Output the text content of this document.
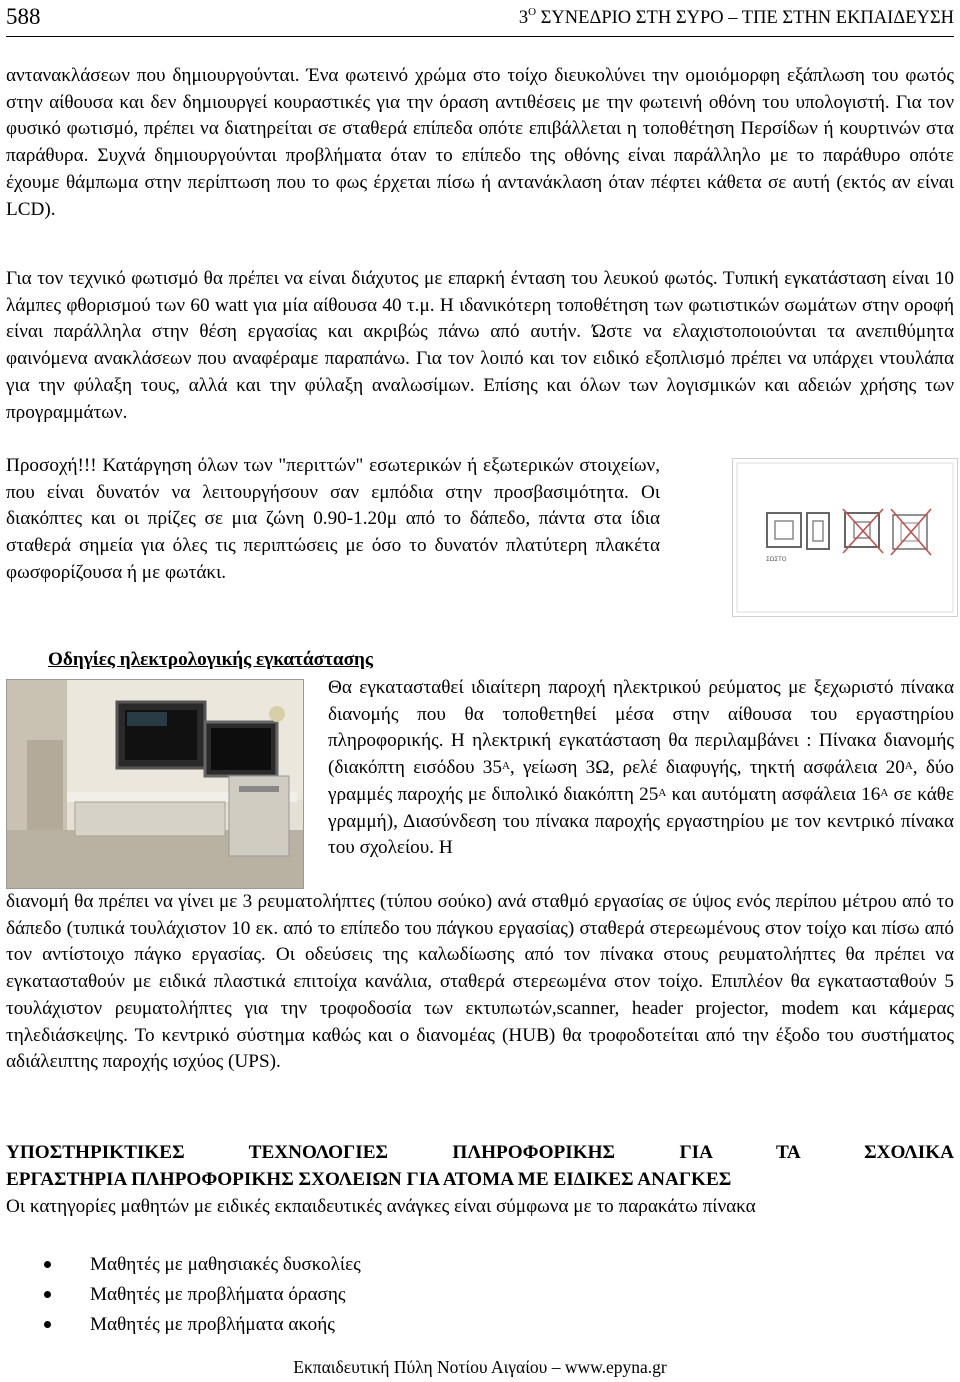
588	$3^O$ ΣΥΝΕΔΡΙΟ ΣΤΗ ΣΥΡΟ – ΤΠΕ ΣΤΗΝ ΕΚΠΑΙΔΕΥΣΗ

αντανακλάσεων που δημιουργούνται. Ένα φωτεινό χρώμα στο τοίχο διευκολύνει την ομοιόμορφη εξάπλωση του φωτός στην αίθουσα και δεν δημιουργεί κουραστικές για την όραση αντιθέσεις με την φωτεινή οθόνη του υπολογιστή. Για τον φυσικό φωτισμό, πρέπει να διατηρείται σε σταθερά επίπεδα οπότε επιβάλλεται η τοποθέτηση Περσίδων ή κουρτινών στα παράθυρα. Συχνά δημιουργούνται προβλήματα όταν το επίπεδο της οθόνης είναι παράλληλο με το παράθυρο οπότε έχουμε θάμπωμα στην περίπτωση που το φως έρχεται πίσω ή αντανάκλαση όταν πέφτει κάθετα σε αυτή (εκτός αν είναι LCD).

Για τον τεχνικό φωτισμό θα πρέπει να είναι διάχυτος με επαρκή ένταση του λευκού φωτός. Τυπική εγκατάσταση είναι 10 λάμπες φθορισμού των 60 watt για μία αίθουσα 40 τ.μ. Η ιδανικότερη τοποθέτηση των φωτιστικών σωμάτων στην οροφή είναι παράλληλα στην θέση εργασίας και ακριβώς πάνω από αυτήν. Ώστε να ελαχιστοποιούνται τα ανεπιθύμητα φαινόμενα ανακλάσεων που αναφέραμε παραπάνω. Για τον λοιπό και τον ειδικό εξοπλισμό πρέπει να υπάρχει ντουλάπα για την φύλαξη τους, αλλά και την φύλαξη αναλωσίμων. Επίσης και όλων των λογισμικών και αδειών χρήσης των προγραμμάτων.

Προσοχή!!! Κατάργηση όλων των "περιττών" εσωτερικών ή εξωτερικών στοιχείων, που είναι δυνατόν να λειτουργήσουν σαν εμπόδια στην προσβασιμότητα. Οι διακόπτες και οι πρίζες σε μια ζώνη 0.90-1.20μ από το δάπεδο, πάντα στα ίδια σταθερά σημεία για όλες τις περιπτώσεις με όσο το δυνατόν πλατύτερη πλακέτα φωσφορίζουσα ή με φωτάκι.

ΣΩΣΤΟ
Οδηγίες ηλεκτρολογικής εγκατάστασης

Θα εγκατασταθεί ιδιαίτερη παροχή ηλεκτρικού ρεύματος με ξεχωριστό πίνακα διανομής που θα τοποθετηθεί μέσα στην αίθουσα του εργαστηρίου πληροφορικής. Η ηλεκτρική εγκατάσταση θα περιλαμβάνει : Πίνακα διανομής (διακόπτη εισόδου $35^A$, γείωση 3Ω, ρελέ διαφυγής, τηκτή ασφάλεια $20^A$, δύο γραμμές παροχής με διπολικό διακόπτη $25^A$ και αυτόματη ασφάλεια $16^A$ σε κάθε γραμμή), Διασύνδεση του πίνακα παροχής εργαστηρίου με τον κεντρικό πίνακα του σχολείου. Η

διανομή θα πρέπει να γίνει με 3 ρευματολήπτες (τύπου σούκο) ανά σταθμό εργασίας σε ύψος ενός περίπου μέτρου από το δάπεδο (τυπικά τουλάχιστον 10 εκ. από το επίπεδο του πάγκου εργασίας) σταθερά στερεωμένους στον τοίχο και πίσω από τον αντίστοιχο πάγκο εργασίας. Οι οδεύσεις της καλωδίωσης από τον πίνακα στους ρευματολήπτες θα πρέπει να εγκατασταθούν με ειδικά πλαστικά επιτοίχα κανάλια, σταθερά στερεωμένα στον τοίχο. Επιπλέον θα εγκατασταθούν 5 τουλάχιστον ρευματολήπτες για την τροφοδοσία των εκτυπωτών,scanner, header projector, modem και κάμερας τηλεδιάσκεψης. Το κεντρικό σύστημα καθώς και ο διανομέας (HUB) θα τροφοδοτείται από την έξοδο του συστήματος αδιάλειπτης παροχής ισχύος (UPS).

ΥΠΟΣΤΗΡΙΚΤΙΚΕΣ ΤΕΧΝΟΛΟΓΙΕΣ ΠΛΗΡΟΦΟΡΙΚΗΣ ΓΙΑ ΤΑ ΣΧΟΛΙΚΑ
ΕΡΓΑΣΤΗΡΙΑ ΠΛΗΡΟΦΟΡΙΚΗΣ ΣΧΟΛΕΙΩΝ ΓΙΑ ΑΤΟΜΑ ΜΕ ΕΙΔΙΚΕΣ ΑΝΑΓΚΕΣ

Οι κατηγορίες μαθητών με ειδικές εκπαιδευτικές ανάγκες είναι σύμφωνα με το παρακάτω πίνακα

Μαθητές με μαθησιακές δυσκολίες
Μαθητές με προβλήματα όρασης
Μαθητές με προβλήματα ακοής
Εκπαιδευτική Πύλη Νοτίου Αιγαίου – www.epyna.gr
